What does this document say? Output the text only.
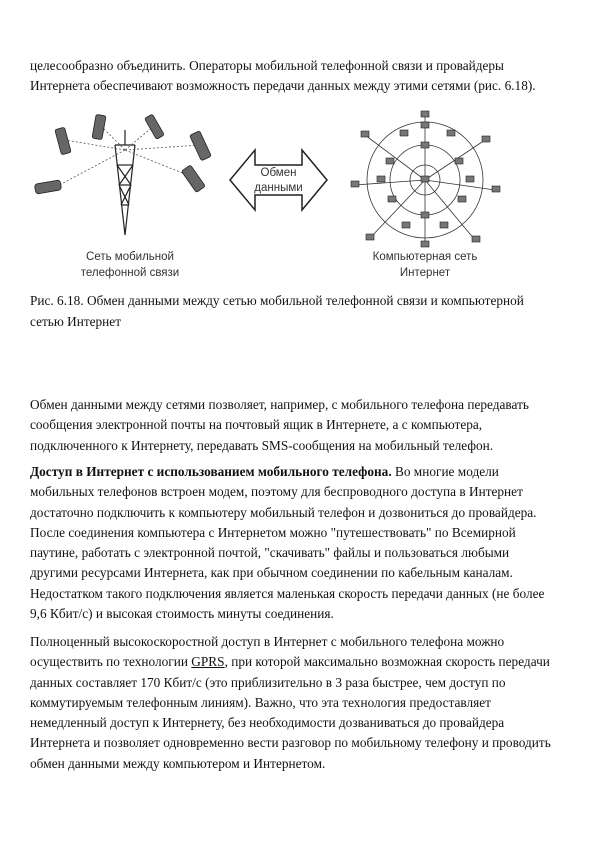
целесообразно объединить. Операторы мобильной телефонной связи и провайдеры
Интернета обеспечивают возможность передачи данных между этими сетями (рис. 6.18).
Обмен
данными
Сеть мобильной
телефонной связи
Компьютерная сеть
Интернет
Рис. 6.18. Обмен данными между сетью мобильной телефонной связи и компьютерной
сетью Интернет
Обмен данными между сетями позволяет, например, с мобильного телефона передавать
сообщения электронной почты на почтовый ящик в Интернете, а с компьютера,
подключенного к Интернету, передавать SMS-сообщения на мобильный телефон.
Доступ в Интернет с использованием мобильного телефона. Во многие модели
мобильных телефонов встроен модем, поэтому для беспроводного доступа в Интернет
достаточно подключить к компьютеру мобильный телефон и дозвониться до провайдера.
После соединения компьютера с Интернетом можно "путешествовать" по Всемирной
паутине, работать с электронной почтой, "скачивать" файлы и пользоваться любыми
другими ресурсами Интернета, как при обычном соединении по кабельным каналам.
Недостатком такого подключения является маленькая скорость передачи данных (не более
9,6 Кбит/с) и высокая стоимость минуты соединения.
Полноценный высокоскоростной доступ в Интернет с мобильного телефона можно
осуществить по технологии GPRS, при которой максимально возможная скорость передачи
данных составляет 170 Кбит/с (это приблизительно в 3 раза быстрее, чем доступ по
коммутируемым телефонным линиям). Важно, что эта технология предоставляет
немедленный доступ к Интернету, без необходимости дозваниваться до провайдера
Интернета и позволяет одновременно вести разговор по мобильному телефону и проводить
обмен данными между компьютером и Интернетом.
